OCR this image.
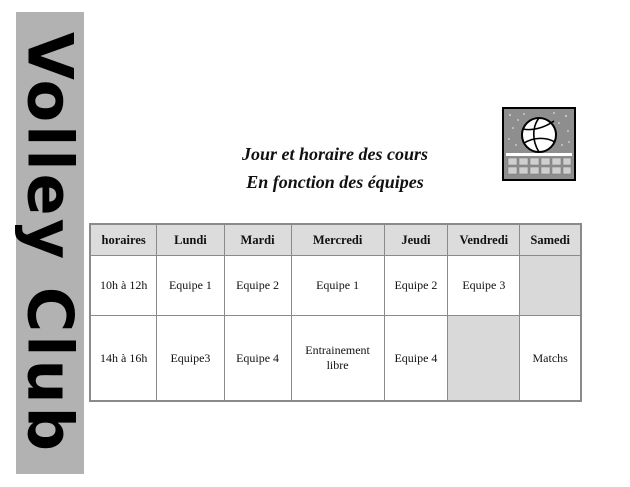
Volley Club	Jour et horaire des cours
En fonction des équipes
horaires	Lundi	Mardi	Mercredi	Jeudi	Vendredi	Samedi
10h à 12h	Equipe 1	Equipe 2	Equipe 1	Equipe 2	Equipe 3	
14h à 16h	Equipe3	Equipe 4	Entrainement libre	Equipe 4		Matchs
